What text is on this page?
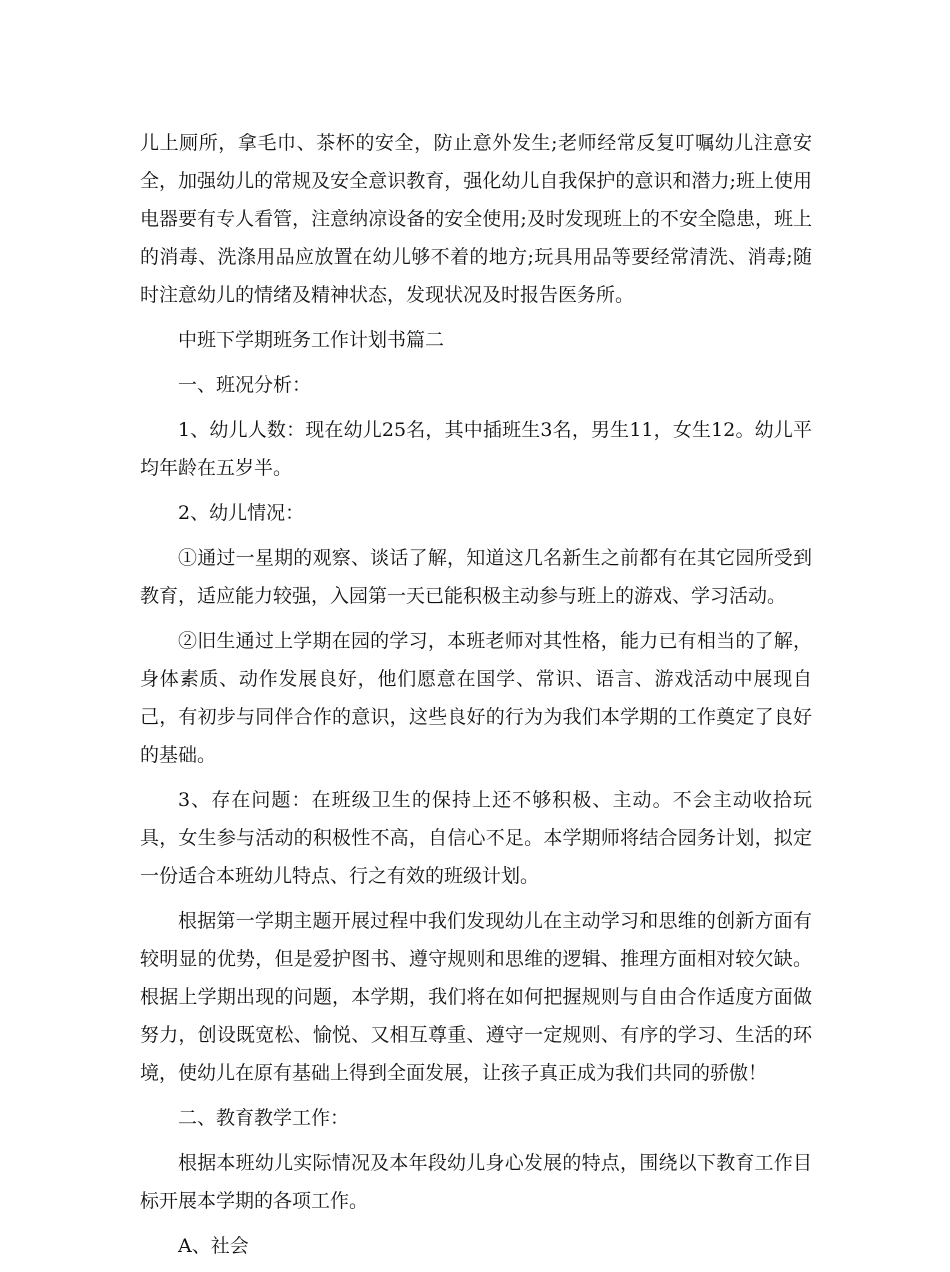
儿上厕所，拿毛巾、茶杯的安全，防止意外发生;老师经常反复叮嘱幼儿注意安全，加强幼儿的常规及安全意识教育，强化幼儿自我保护的意识和潜力;班上使用电器要有专人看管，注意纳凉设备的安全使用;及时发现班上的不安全隐患，班上的消毒、洗涤用品应放置在幼儿够不着的地方;玩具用品等要经常清洗、消毒;随时注意幼儿的情绪及精神状态，发现状况及时报告医务所。

中班下学期班务工作计划书篇二

一、班况分析：

1、幼儿人数：现在幼儿25名，其中插班生3名，男生11，女生12。幼儿平均年龄在五岁半。

2、幼儿情况：

①通过一星期的观察、谈话了解，知道这几名新生之前都有在其它园所受到教育，适应能力较强，入园第一天已能积极主动参与班上的游戏、学习活动。

②旧生通过上学期在园的学习，本班老师对其性格，能力已有相当的了解，身体素质、动作发展良好，他们愿意在国学、常识、语言、游戏活动中展现自己，有初步与同伴合作的意识，这些良好的行为为我们本学期的工作奠定了良好的基础。

3、存在问题：在班级卫生的保持上还不够积极、主动。不会主动收拾玩具，女生参与活动的积极性不高，自信心不足。本学期师将结合园务计划，拟定一份适合本班幼儿特点、行之有效的班级计划。

根据第一学期主题开展过程中我们发现幼儿在主动学习和思维的创新方面有较明显的优势，但是爱护图书、遵守规则和思维的逻辑、推理方面相对较欠缺。根据上学期出现的问题，本学期，我们将在如何把握规则与自由合作适度方面做努力，创设既宽松、愉悦、又相互尊重、遵守一定规则、有序的学习、生活的环境，使幼儿在原有基础上得到全面发展，让孩子真正成为我们共同的骄傲！

二、教育教学工作：

根据本班幼儿实际情况及本年段幼儿身心发展的特点，围绕以下教育工作目标开展本学期的各项工作。

A、社会
